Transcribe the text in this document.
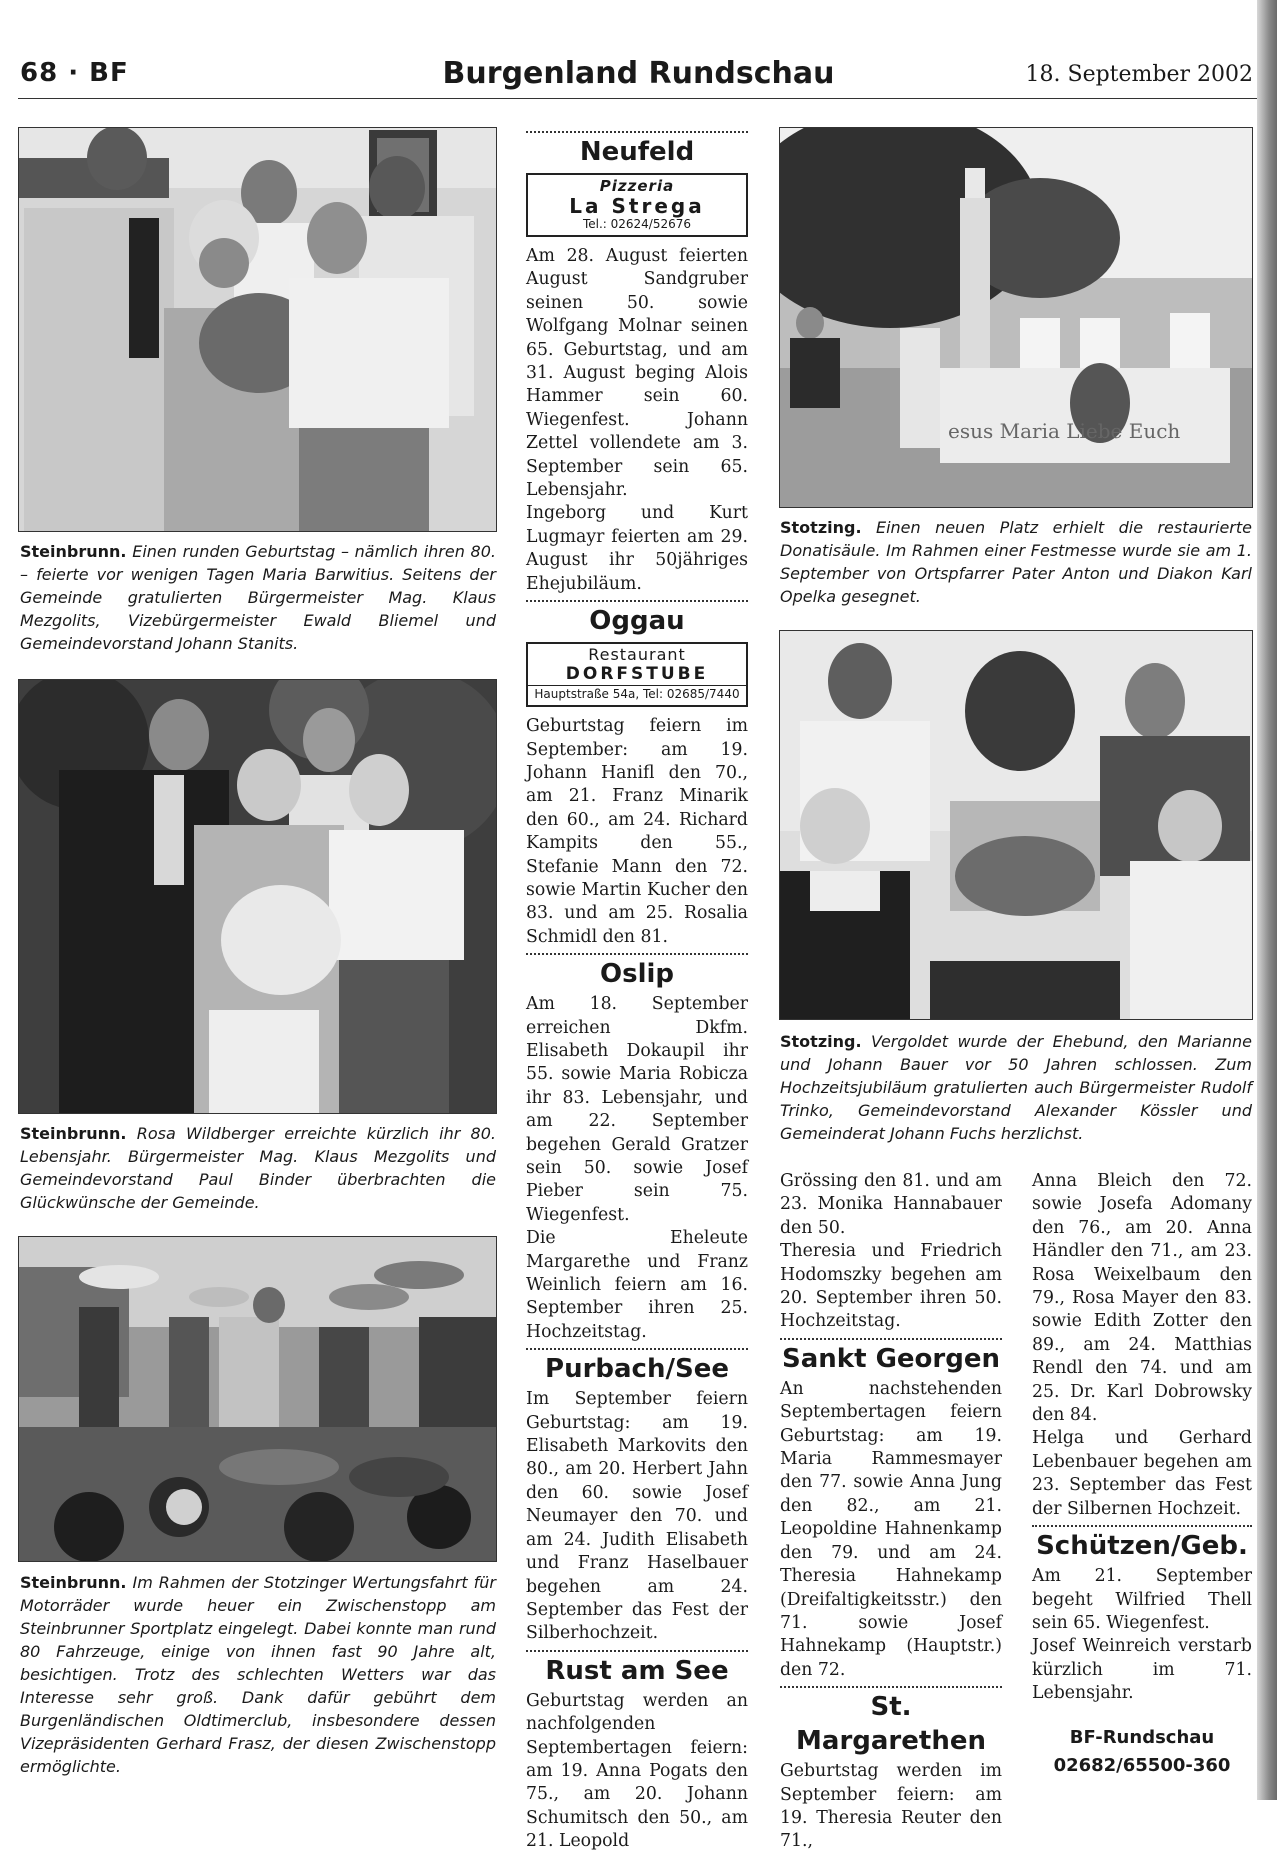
68 · BF	Burgenland Rundschau	18. September 2002
Steinbrunn. Einen runden Geburtstag – nämlich ihren 80. – feierte vor wenigen Tagen Maria Barwitius. Seitens der Gemeinde gratulierten Bürgermeister Mag. Klaus Mezgolits, Vizebürgermeister Ewald Bliemel und Gemeindevorstand Johann Stanits.
Steinbrunn. Rosa Wildberger erreichte kürzlich ihr 80. Lebensjahr. Bürgermeister Mag. Klaus Mezgolits und Gemeindevorstand Paul Binder überbrachten die Glückwünsche der Gemeinde.
Steinbrunn. Im Rahmen der Stotzinger Wertungsfahrt für Motorräder wurde heuer ein Zwischenstopp am Steinbrunner Sportplatz eingelegt. Dabei konnte man rund 80 Fahrzeuge, einige von ihnen fast 90 Jahre alt, besichtigen. Trotz des schlechten Wetters war das Interesse sehr groß. Dank dafür gebührt dem Burgenländischen Oldtimerclub, insbesondere dessen Vizepräsidenten Gerhard Frasz, der diesen Zwischenstopp ermöglichte.
Neufeld
Pizzeria
La Strega
Tel.: 02624/52676

Am 28. August feierten August Sandgruber seinen 50. sowie Wolfgang Molnar seinen 65. Geburtstag, und am 31. August beging Alois Hammer sein 60. Wiegenfest. Johann Zettel vollendete am 3. September sein 65. Lebensjahr.

Ingeborg und Kurt Lugmayr feierten am 29. August ihr 50jähriges Ehejubiläum.

Oggau
Restaurant
DORFSTUBE
Hauptstraße 54a, Tel: 02685/7440

Geburtstag feiern im September: am 19. Johann Hanifl den 70., am 21. Franz Minarik den 60., am 24. Richard Kampits den 55., Stefanie Mann den 72. sowie Martin Kucher den 83. und am 25. Rosalia Schmidl den 81.

Oslip

Am 18. September erreichen Dkfm. Elisabeth Dokaupil ihr 55. sowie Maria Robicza ihr 83. Lebensjahr, und am 22. September begehen Gerald Gratzer sein 50. sowie Josef Pieber sein 75. Wiegenfest.

Die Eheleute Margarethe und Franz Weinlich feiern am 16. September ihren 25. Hochzeitstag.

Purbach/See

Im September feiern Geburtstag: am 19. Elisabeth Markovits den 80., am 20. Herbert Jahn den 60. sowie Josef Neumayer den 70. und am 24. Judith Elisabeth und Franz Haselbauer begehen am 24. September das Fest der Silberhochzeit.

Rust am See

Geburtstag werden an nachfolgenden Septembertagen feiern: am 19. Anna Pogats den 75., am 20. Johann Schumitsch den 50., am 21. Leopold

esus Maria Liebe Euch
Stotzing. Einen neuen Platz erhielt die restaurierte Donatisäule. Im Rahmen einer Festmesse wurde sie am 1. September von Ortspfarrer Pater Anton und Diakon Karl Opelka gesegnet.
Stotzing. Vergoldet wurde der Ehebund, den Marianne und Johann Bauer vor 50 Jahren schlossen. Zum Hochzeitsjubiläum gratulierten auch Bürgermeister Rudolf Trinko, Gemeindevorstand Alexander Kössler und Gemeinderat Johann Fuchs herzlichst.

Grössing den 81. und am 23. Monika Hannabauer den 50.

Theresia und Friedrich Hodomszky begehen am 20. September ihren 50. Hochzeitstag.

Sankt Georgen

An nachstehenden Septembertagen feiern Geburtstag: am 19. Maria Rammesmayer den 77. sowie Anna Jung den 82., am 21. Leopoldine Hahnenkamp den 79. und am 24. Theresia Hahnekamp (Dreifaltigkeitsstr.) den 71. sowie Josef Hahnekamp (Hauptstr.) den 72.

St. Margarethen

Geburtstag werden im September feiern: am 19. Theresia Reuter den 71.,

Anna Bleich den 72. sowie Josefa Adomany den 76., am 20. Anna Händler den 71., am 23. Rosa Weixelbaum den 79., Rosa Mayer den 83. sowie Edith Zotter den 89., am 24. Matthias Rendl den 74. und am 25. Dr. Karl Dobrowsky den 84.

Helga und Gerhard Lebenbauer begehen am 23. September das Fest der Silbernen Hochzeit.

Schützen/Geb.

Am 21. September begeht Wilfried Thell sein 65. Wiegenfest.

Josef Weinreich verstarb kürzlich im 71. Lebensjahr.

BF-Rundschau
02682/65500-360
